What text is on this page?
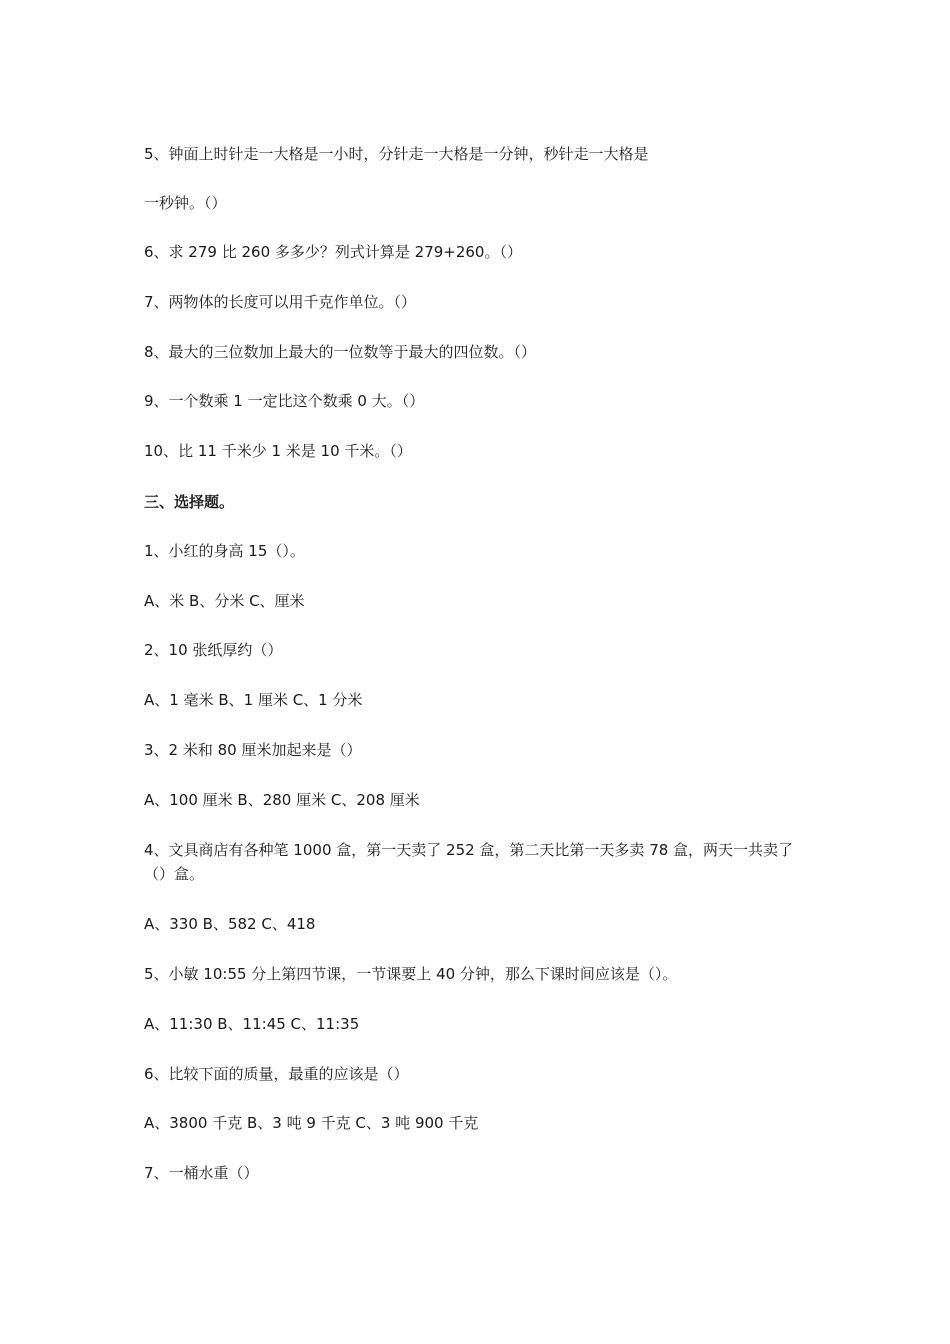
5、钟面上时针走一大格是一小时，分针走一大格是一分钟，秒针走一大格是
一秒钟。（）
6、求 279 比 260 多多少？列式计算是 279+260。（）
7、两物体的长度可以用千克作单位。（）
8、最大的三位数加上最大的一位数等于最大的四位数。（）
9、一个数乘 1 一定比这个数乘 0 大。（）
10、比 11 千米少 1 米是 10 千米。（）
三、选择题。
1、小红的身高 15（）。
A、米 B、分米 C、厘米
2、10 张纸厚约（）
A、1 毫米 B、1 厘米 C、1 分米
3、2 米和 80 厘米加起来是（）
A、100 厘米 B、280 厘米 C、208 厘米
4、文具商店有各种笔 1000 盒，第一天卖了 252 盒，第二天比第一天多卖 78 盒，两天一共卖了（）盒。
A、330 B、582 C、418
5、小敏 10:55 分上第四节课，一节课要上 40 分钟，那么下课时间应该是（）。
A、11:30 B、11:45 C、11:35
6、比较下面的质量，最重的应该是（）
A、3800 千克 B、3 吨 9 千克 C、3 吨 900 千克
7、一桶水重（）
